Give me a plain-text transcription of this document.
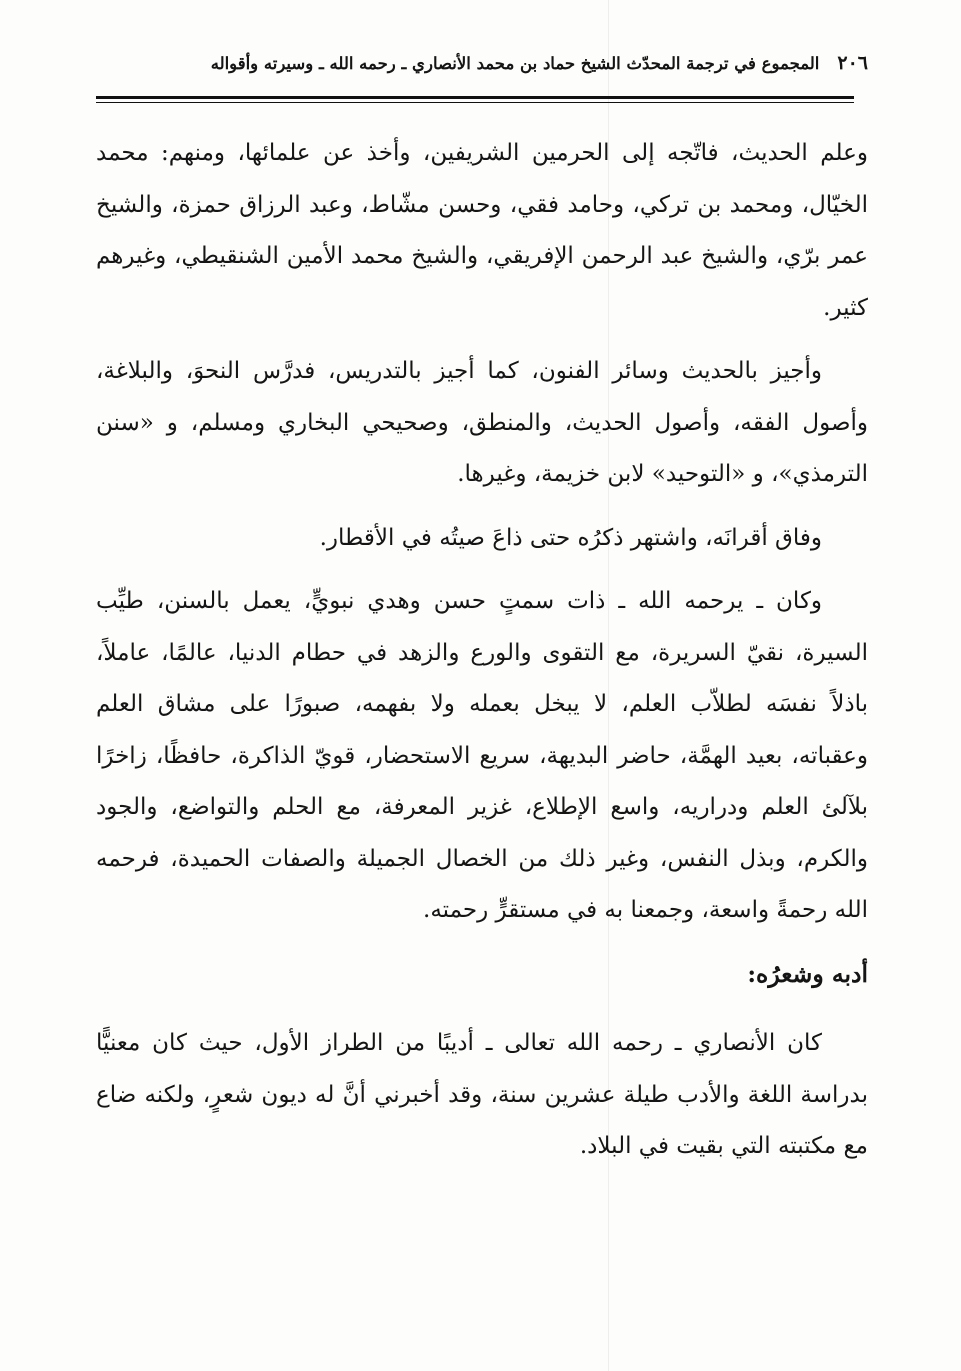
٢٠٦
المجموع في ترجمة المحدّث الشيخ حماد بن محمد الأنصاري ـ رحمه الله ـ وسيرته وأقواله

وعلم الحديث، فاتّجه إلى الحرمين الشريفين، وأخذ عن علمائها، ومنهم: محمد الخيّال، ومحمد بن تركي، وحامد فقي، وحسن مشّاط، وعبد الرزاق حمزة، والشيخ عمر برّي، والشيخ عبد الرحمن الإفريقي، والشيخ محمد الأمين الشنقيطي، وغيرهم كثير.

وأجيز بالحديث وسائر الفنون، كما أجيز بالتدريس، فدرَّس النحوَ، والبلاغة، وأصول الفقه، وأصول الحديث، والمنطق، وصحيحي البخاري ومسلم، و «سنن الترمذي»، و «التوحيد» لابن خزيمة، وغيرها.

وفاق أقرانَه، واشتهر ذكرُه حتى ذاعَ صيتُه في الأقطار.

وكان ـ يرحمه الله ـ ذات سمتٍ حسن وهدي نبويٍّ، يعمل بالسنن، طيِّب السيرة، نقيّ السريرة، مع التقوى والورع والزهد في حطام الدنيا، عالمًا، عاملاً، باذلاً نفسَه لطلاّب العلم، لا يبخل بعمله ولا بفهمه، صبورًا على مشاق العلم وعقباته، بعيد الهمَّة، حاضر البديهة، سريع الاستحضار، قويّ الذاكرة، حافظًا، زاخرًا بلآلئ العلم ودراريه، واسع الإطلاع، غزير المعرفة، مع الحلم والتواضع، والجود والكرم، وبذل النفس، وغير ذلك من الخصال الجميلة والصفات الحميدة، فرحمه الله رحمةً واسعة، وجمعنا به في مستقرٍّ رحمته.

أدبه وشعرُه:

كان الأنصاري ـ رحمه الله تعالى ـ أديبًا من الطراز الأول، حيث كان معنيًّا بدراسة اللغة والأدب طيلة عشرين سنة، وقد أخبرني أنَّ له ديون شعرٍ، ولكنه ضاع مع مكتبته التي بقيت في البلاد.
